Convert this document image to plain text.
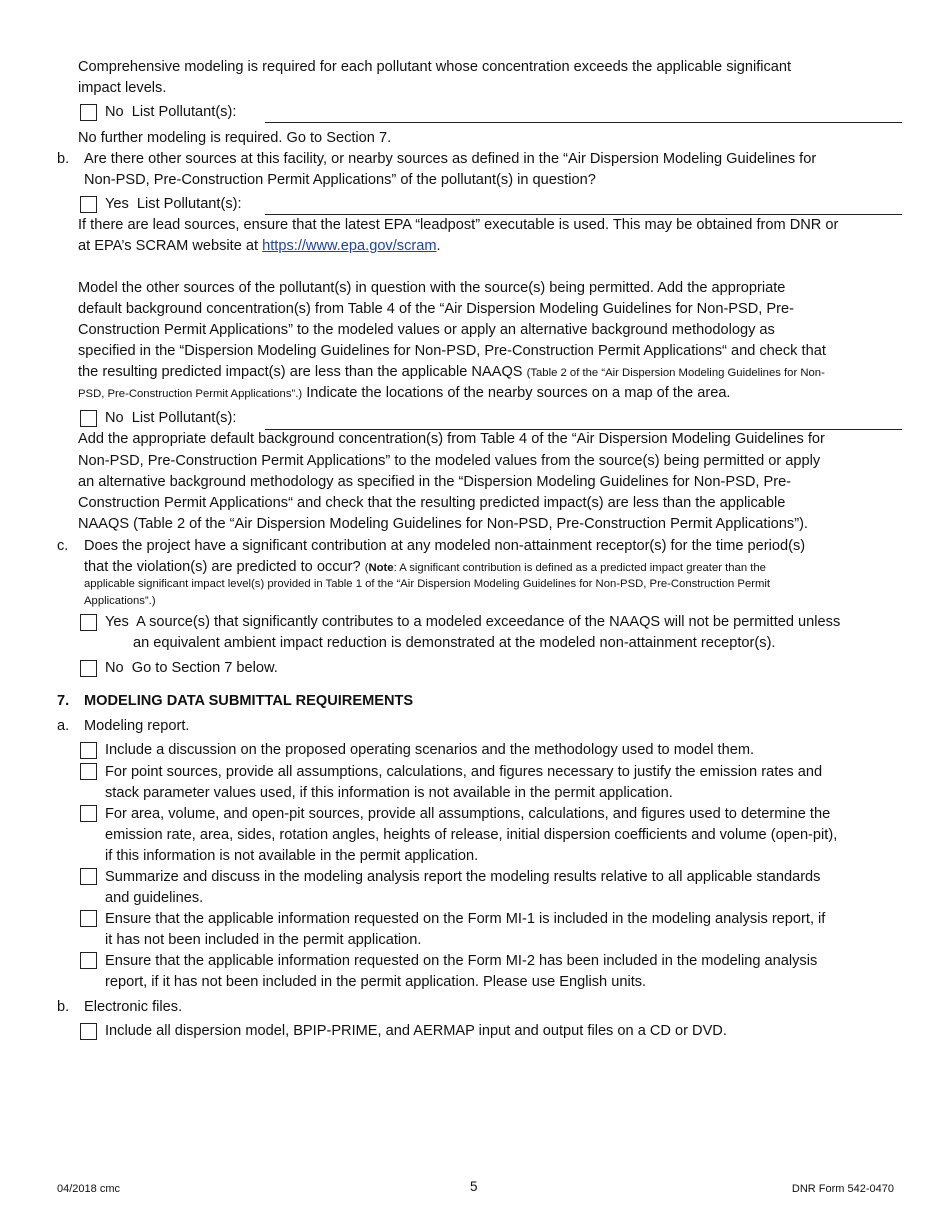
Comprehensive modeling is required for each pollutant whose concentration exceeds the applicable significant

impact levels.

No List Pollutant(s):

No further modeling is required. Go to Section 7.

b. Are there other sources at this facility, or nearby sources as defined in the “Air Dispersion Modeling Guidelines for

Non-PSD, Pre-Construction Permit Applications” of the pollutant(s) in question?

Yes List Pollutant(s):

If there are lead sources, ensure that the latest EPA “leadpost” executable is used. This may be obtained from DNR or

at EPA’s SCRAM website at https://www.epa.gov/scram.

Model the other sources of the pollutant(s) in question with the source(s) being permitted. Add the appropriate

default background concentration(s) from Table 4 of the “Air Dispersion Modeling Guidelines for Non-PSD, Pre-

Construction Permit Applications” to the modeled values or apply an alternative background methodology as

specified in the “Dispersion Modeling Guidelines for Non-PSD, Pre-Construction Permit Applications“ and check that

the resulting predicted impact(s) are less than the applicable NAAQS (Table 2 of the “Air Dispersion Modeling Guidelines for Non-

PSD, Pre-Construction Permit Applications”.) Indicate the locations of the nearby sources on a map of the area.

No List Pollutant(s):

Add the appropriate default background concentration(s) from Table 4 of the “Air Dispersion Modeling Guidelines for

Non-PSD, Pre-Construction Permit Applications” to the modeled values from the source(s) being permitted or apply

an alternative background methodology as specified in the “Dispersion Modeling Guidelines for Non-PSD, Pre-

Construction Permit Applications“ and check that the resulting predicted impact(s) are less than the applicable

NAAQS (Table 2 of the “Air Dispersion Modeling Guidelines for Non-PSD, Pre-Construction Permit Applications”).

c. Does the project have a significant contribution at any modeled non-attainment receptor(s) for the time period(s)

that the violation(s) are predicted to occur? (Note: A significant contribution is defined as a predicted impact greater than the

applicable significant impact level(s) provided in Table 1 of the “Air Dispersion Modeling Guidelines for Non-PSD, Pre-Construction Permit

Applications”.)

Yes A source(s) that significantly contributes to a modeled exceedance of the NAAQS will not be permitted unless

an equivalent ambient impact reduction is demonstrated at the modeled non-attainment receptor(s).

No Go to Section 7 below.

7. MODELING DATA SUBMITTAL REQUIREMENTS

a. Modeling report.

Include a discussion on the proposed operating scenarios and the methodology used to model them.

For point sources, provide all assumptions, calculations, and figures necessary to justify the emission rates and

stack parameter values used, if this information is not available in the permit application.

For area, volume, and open-pit sources, provide all assumptions, calculations, and figures used to determine the

emission rate, area, sides, rotation angles, heights of release, initial dispersion coefficients and volume (open-pit),

if this information is not available in the permit application.

Summarize and discuss in the modeling analysis report the modeling results relative to all applicable standards

and guidelines.

Ensure that the applicable information requested on the Form MI-1 is included in the modeling analysis report, if

it has not been included in the permit application.

Ensure that the applicable information requested on the Form MI-2 has been included in the modeling analysis

report, if it has not been included in the permit application. Please use English units.

b. Electronic files.

Include all dispersion model, BPIP-PRIME, and AERMAP input and output files on a CD or DVD.

04/2018 cmc	5	DNR Form 542-0470
